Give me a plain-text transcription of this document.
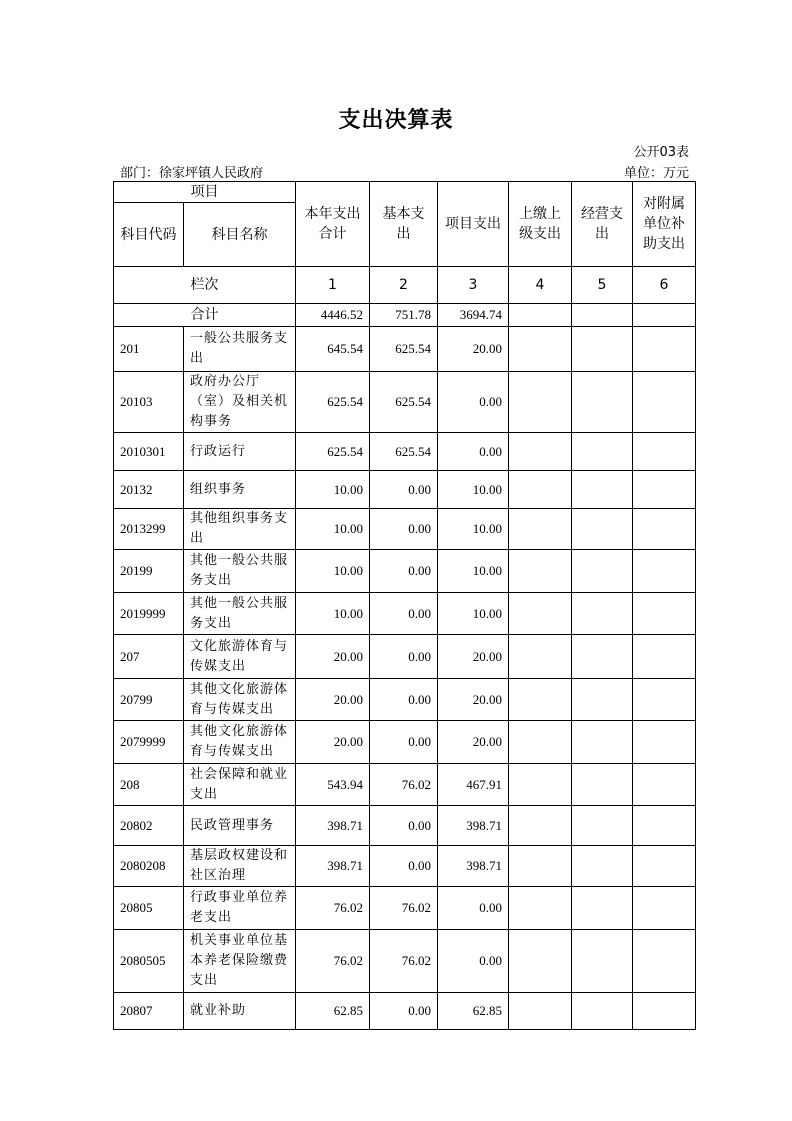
支出决算表
公开03表
部门：徐家坪镇人民政府	单位：万元
项目		本年支出合计	基本支出	项目支出	上缴上级支出	经营支出	对附属单位补助支出
科目代码	科目名称						
栏次		1	2	3	4	5	6
合计		4446.52	751.78	3694.74			
201	一般公共服务支出	645.54	625.54	20.00			
20103	政府办公厅（室）及相关机构事务	625.54	625.54	0.00			
2010301	行政运行	625.54	625.54	0.00			
20132	组织事务	10.00	0.00	10.00			
2013299	其他组织事务支出	10.00	0.00	10.00			
20199	其他一般公共服务支出	10.00	0.00	10.00			
2019999	其他一般公共服务支出	10.00	0.00	10.00			
207	文化旅游体育与传媒支出	20.00	0.00	20.00			
20799	其他文化旅游体育与传媒支出	20.00	0.00	20.00			
2079999	其他文化旅游体育与传媒支出	20.00	0.00	20.00			
208	社会保障和就业支出	543.94	76.02	467.91			
20802	民政管理事务	398.71	0.00	398.71			
2080208	基层政权建设和社区治理	398.71	0.00	398.71			
20805	行政事业单位养老支出	76.02	76.02	0.00			
2080505	机关事业单位基本养老保险缴费支出	76.02	76.02	0.00			
20807	就业补助	62.85	0.00	62.85			
